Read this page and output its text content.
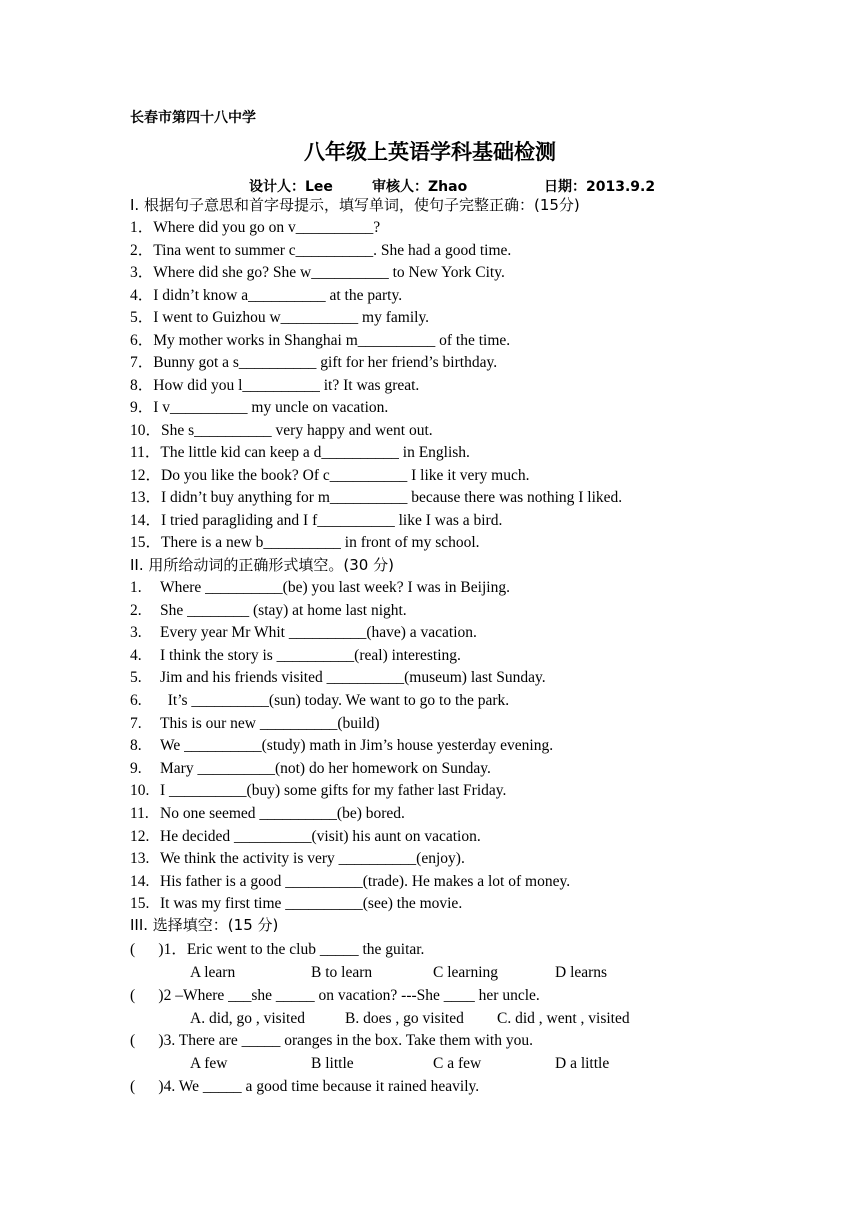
长春市第四十八中学
八年级上英语学科基础检测
设计人：Lee	审核人：Zhao	日期：2013.9.2
I. 根据句子意思和首字母提示，填写单词，使句子完整正确：(15分)
1．Where did you go on v__________?
2．Tina went to summer c__________. She had a good time.
3．Where did she go? She w__________ to New York City.
4．I didn’t know a__________ at the party.
5．I went to Guizhou w__________ my family.
6．My mother works in Shanghai m__________ of the time.
7．Bunny got a s__________ gift for her friend’s birthday.
8．How did you l__________ it? It was great.
9．I v__________ my uncle on vacation.
10．She s__________ very happy and went out.
11．The little kid can keep a d__________ in English.
12．Do you like the book? Of c__________ I like it very much.
13．I didn’t buy anything for m__________ because there was nothing I liked.
14．I tried paragliding and I f__________ like I was a bird.
15．There is a new b__________ in front of my school.
II. 用所给动词的正确形式填空。(30 分)
1. Where __________(be) you last week? I was in Beijing.
2. She ________ (stay) at home last night.
3. Every year Mr Whit __________(have) a vacation.
4. I think the story is __________(real) interesting.
5. Jim and his friends visited __________(museum) last Sunday.
6. It’s __________(sun) today. We want to go to the park.
7. This is our new __________(build)
8. We __________(study) math in Jim’s house yesterday evening.
9. Mary __________(not) do her homework on Sunday.
10. I __________(buy) some gifts for my father last Friday.
11. No one seemed __________(be) bored.
12. He decided __________(visit) his aunt on vacation.
13. We think the activity is very __________(enjoy).
14. His father is a good __________(trade). He makes a lot of money.
15. It was my first time __________(see) the movie.
III. 选择填空：(15 分)
(      )1．Eric went to the club _____ the guitar.
A learn	B to learn	C learning	D learns
(      )2 –Where ___she _____ on vacation? ---She ____ her uncle.
A. did, go , visited	B. does , go visited C. did , went , visited
(      )3. There are _____ oranges in the box. Take them with you.
A few	B little	C a few	D a little
(      )4. We _____ a good time because it rained heavily.
